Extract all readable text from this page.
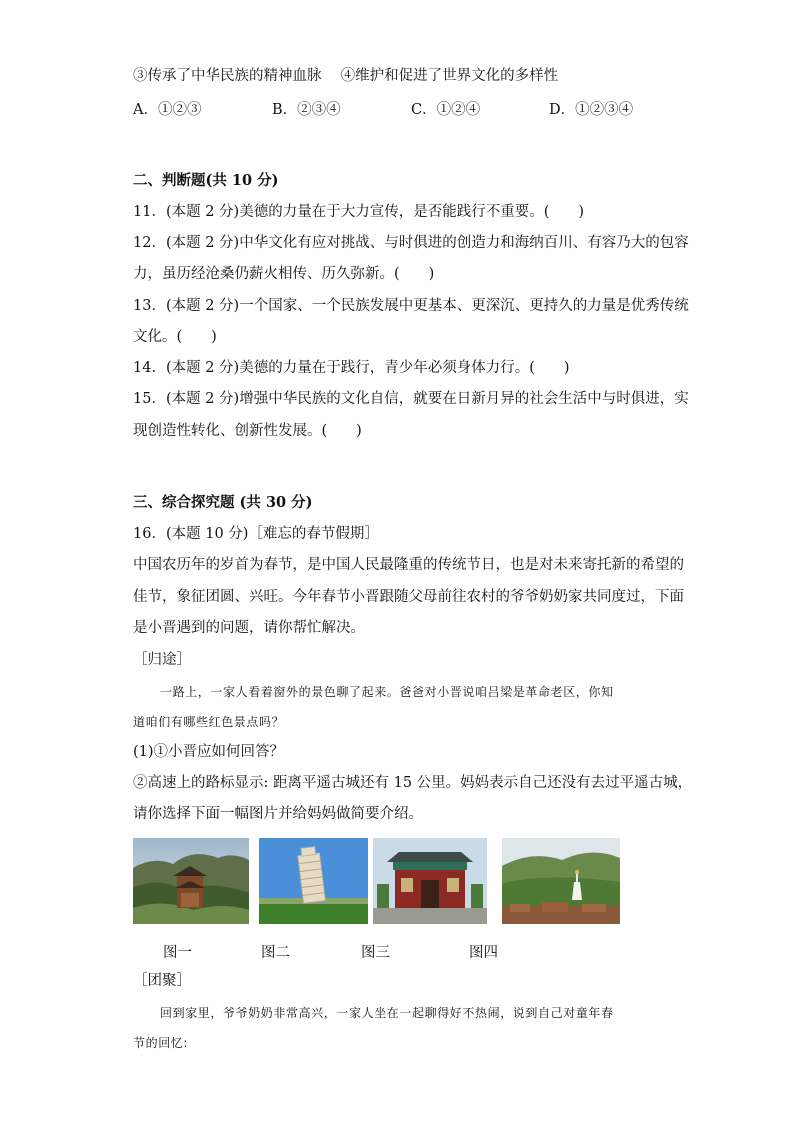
③传承了中华民族的精神血脉　 ④维护和促进了世界文化的多样性
A．①②③	B．②③④	C．①②④	D．①②③④
二、判断题(共 10 分)
11．(本题 2 分)美德的力量在于大力宣传，是否能践行不重要。(　　)
12．(本题 2 分)中华文化有应对挑战、与时俱进的创造力和海纳百川、有容乃大的包容
力，虽历经沧桑仍薪火相传、历久弥新。(　　)
13．(本题 2 分)一个国家、一个民族发展中更基本、更深沉、更持久的力量是优秀传统
文化。(　　)
14．(本题 2 分)美德的力量在于践行，青少年必须身体力行。(　　)
15．(本题 2 分)增强中华民族的文化自信，就要在日新月异的社会生活中与时俱进，实
现创造性转化、创新性发展。(　　)
三、综合探究题 (共 30 分)
16．(本题 10 分)［难忘的春节假期］
中国农历年的岁首为春节，是中国人民最隆重的传统节日，也是对未来寄托新的希望的
佳节，象征团圆、兴旺。今年春节小晋跟随父母前往农村的爷爷奶奶家共同度过，下面
是小晋遇到的问题，请你帮忙解决。
［归途］
一路上，一家人看着窗外的景色聊了起来。爸爸对小晋说咱吕梁是革命老区，你知
道咱们有哪些红色景点吗？
(1)①小晋应如何回答？
②高速上的路标显示: 距离平遥古城还有 15 公里。妈妈表示自己还没有去过平遥古城，
请你选择下面一幅图片并给妈妈做简要介绍。
图一	图二	图三	图四
［团聚］
回到家里，爷爷奶奶非常高兴，一家人坐在一起聊得好不热闹，说到自己对童年春
节的回忆:
